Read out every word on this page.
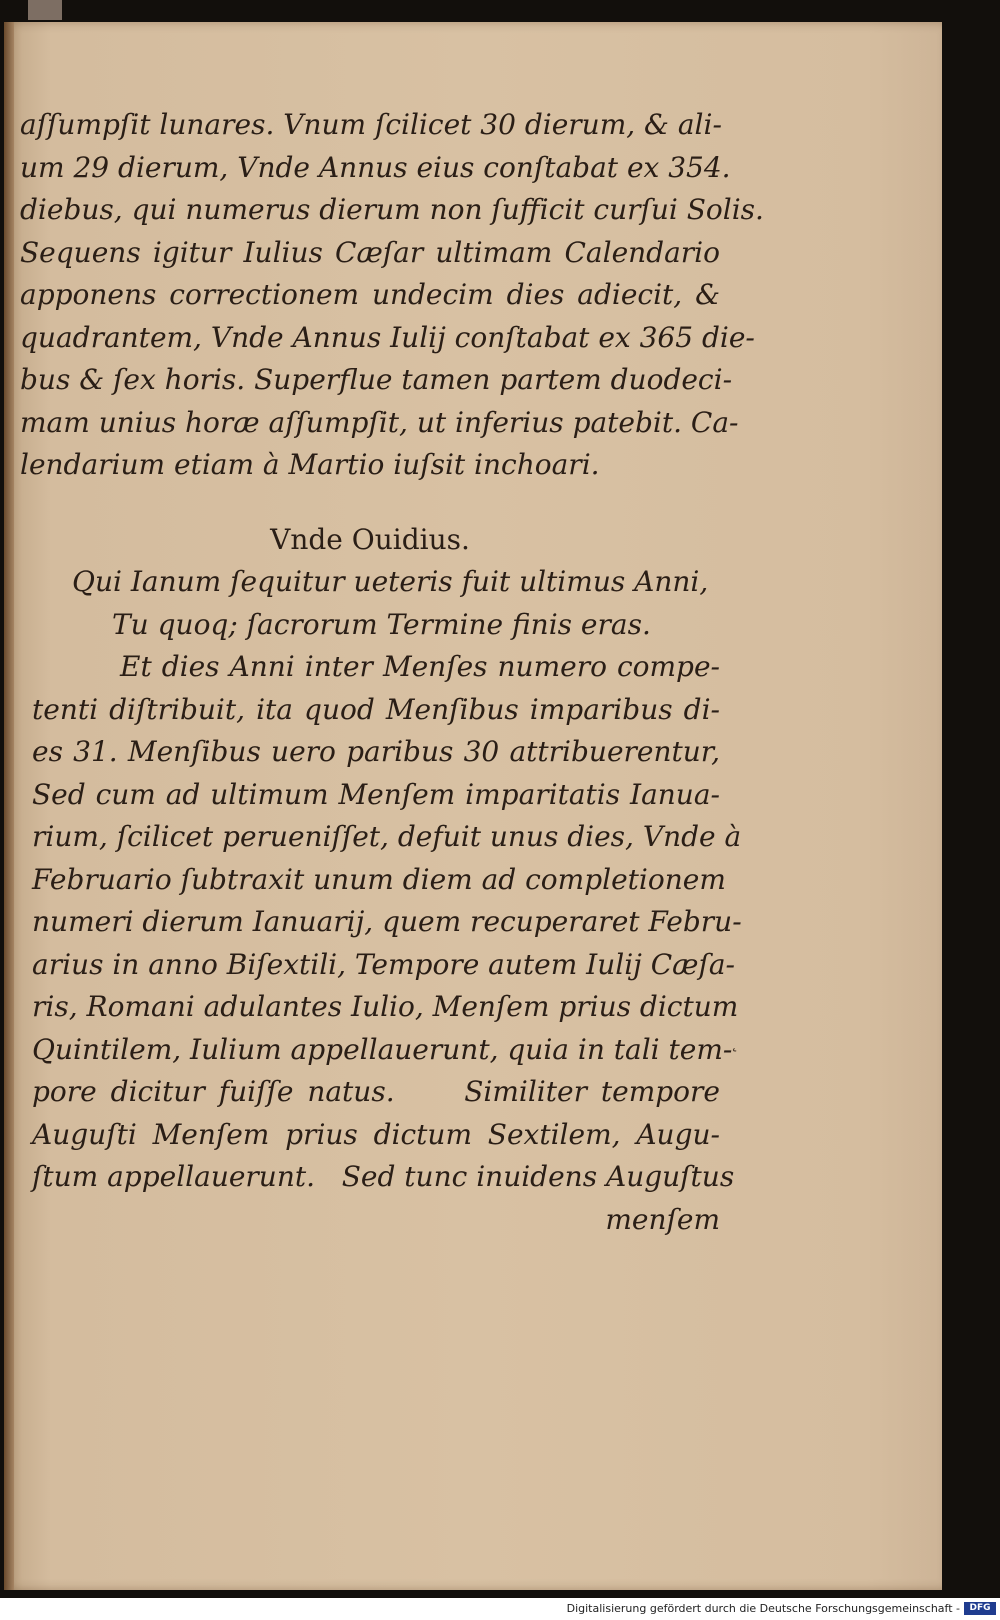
aſſumpſit lunares. Vnum ſcilicet 30 dierum, & ali-
um 29 dierum, Vnde Annus eius conſtabat ex 354.
diebus, qui numerus dierum non ſufficit curſui Solis.
Sequens igitur Iulius Cæſar ultimam Calendario
apponens correctionem undecim dies adiecit, &
quadrantem, Vnde Annus Iulij conſtabat ex 365 die-
bus & ſex horis. Superflue tamen partem duodeci-
mam unius horæ aſſumpſit, ut inferius patebit. Ca-
lendarium etiam à Martio iuſsit inchoari.
Vnde Ouidius.
Qui Ianum ſequitur ueteris fuit ultimus Anni,
Tu quoq; ſacrorum Termine finis eras.
Et dies Anni inter Menſes numero compe-
tenti diſtribuit, ita quod Menſibus imparibus di-
es 31. Menſibus uero paribus 30 attribuerentur,
Sed cum ad ultimum Menſem imparitatis Ianua-
rium, ſcilicet perueniſſet, defuit unus dies, Vnde à
Februario ſubtraxit unum diem ad completionem
numeri dierum Ianuarij, quem recuperaret Febru-
arius in anno Biſextili, Tempore autem Iulij Cæſa-
ris, Romani adulantes Iulio, Menſem prius dictum
Quintilem, Iulium appellauerunt, quia in tali tem-
pore dicitur fuiſſe natus.     Similiter tempore
Auguſti Menſem prius dictum Sextilem, Augu-
ſtum appellauerunt.   Sed tunc inuidens Auguſtus
menſem
˛
Digitalisierung gefördert durch die Deutsche Forschungsgemeinschaft -	DFG
